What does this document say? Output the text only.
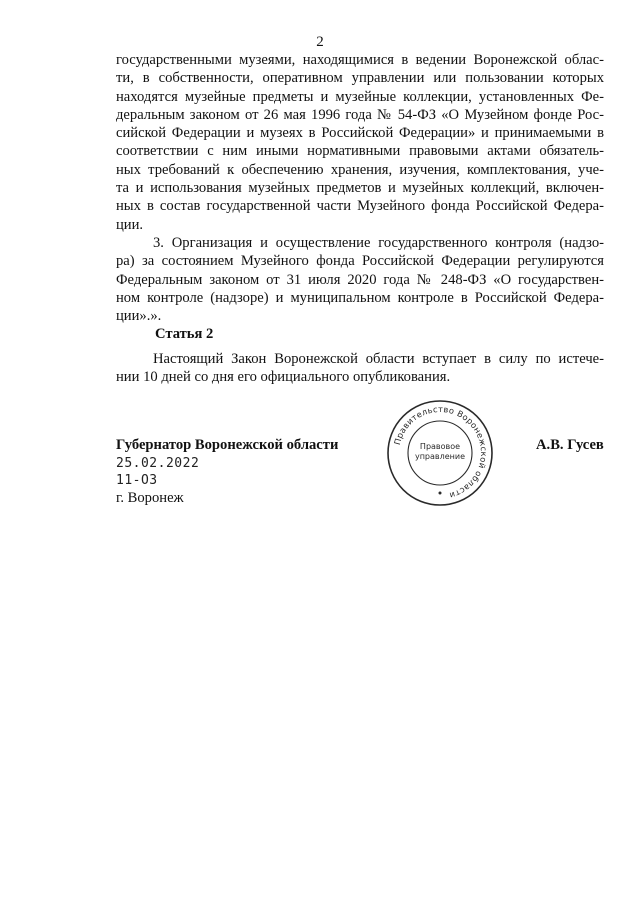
2
государственными музеями, находящимися в ведении Воронежской облас-
ти, в собственности, оперативном управлении или пользовании которых
находятся музейные предметы и музейные коллекции, установленных Фе-
деральным законом от 26 мая 1996 года № 54-ФЗ «О Музейном фонде Рос-
сийской Федерации и музеях в Российской Федерации» и принимаемыми в
соответствии с ним иными нормативными правовыми актами обязатель-
ных требований к обеспечению хранения, изучения, комплектования, уче-
та и использования музейных предметов и музейных коллекций, включен-
ных в состав государственной части Музейного фонда Российской Федера-
ции.
3. Организация и осуществление государственного контроля (надзо-
ра) за состоянием Музейного фонда Российской Федерации регулируются
Федеральным законом от 31 июля 2020 года № 248-ФЗ «О государствен-
ном контроле (надзоре) и муниципальном контроле в Российской Федера-
ции».».
Статья 2
Настоящий Закон Воронежской области вступает в силу по истече-
нии 10 дней со дня его официального опубликования.
Губернатор Воронежской области	А.В. Гусев
25.02.2022
11-ОЗ
г. Воронеж
Правительство Воронежской области
Правовое
управление
